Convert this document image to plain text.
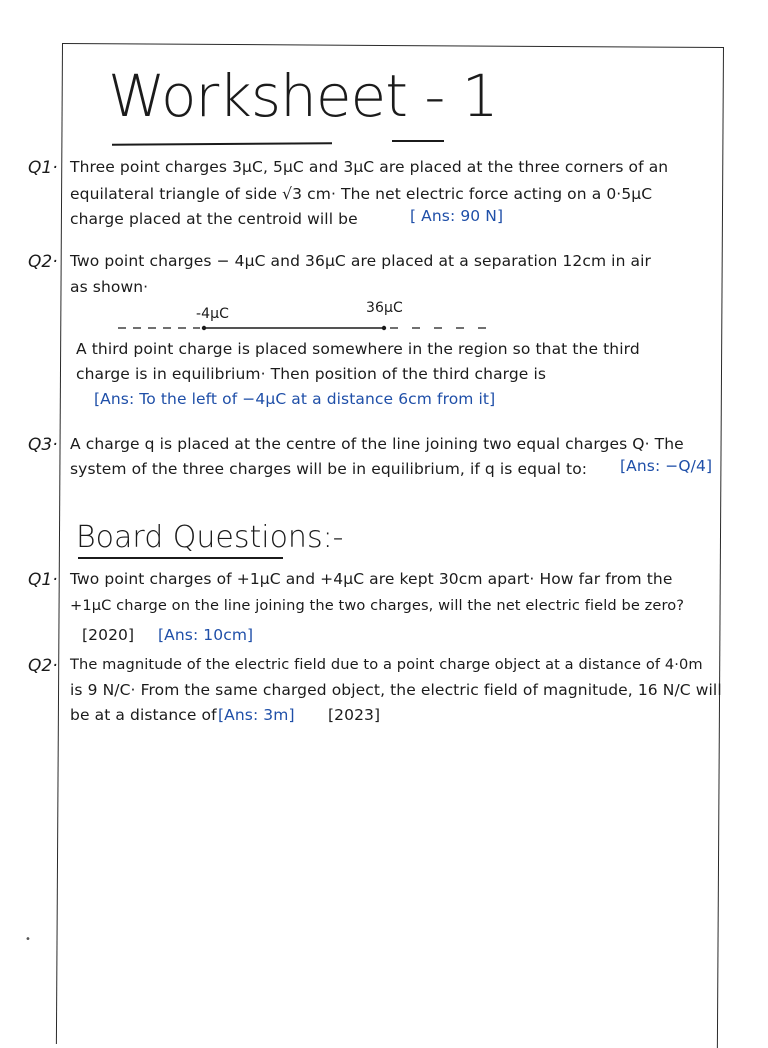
Worksheet - 1
Q1· Three point charges 3μC, 5μC and 3μC are placed at the three corners of an
equilateral triangle of side √3 cm· The net electric force acting on a 0·5μC
charge placed at the centroid will be	[ Ans: 90 N]
Q2· Two point charges − 4μC and 36μC are placed at a separation 12cm in air
as shown·
-4μC	36μC
A third point charge is placed somewhere in the region so that the third
charge is in equilibrium· Then position of the third charge is
[Ans: To the left of −4μC at a distance 6cm from it]
Q3· A charge q is placed at the centre of the line joining two equal charges Q· The
system of the three charges will be in equilibrium, if q is equal to: [Ans: −Q/4]
Board Questions:-
Q1· Two point charges of +1μC and +4μC are kept 30cm apart· How far from the
+1μC charge on the line joining the two charges, will the net electric field be zero?
[2020] [Ans: 10cm]
Q2· The magnitude of the electric field due to a point charge object at a distance of 4·0m
is 9 N/C· From the same charged object, the electric field of magnitude, 16 N/C will
be at a distance of [Ans: 3m] [2023]
•
